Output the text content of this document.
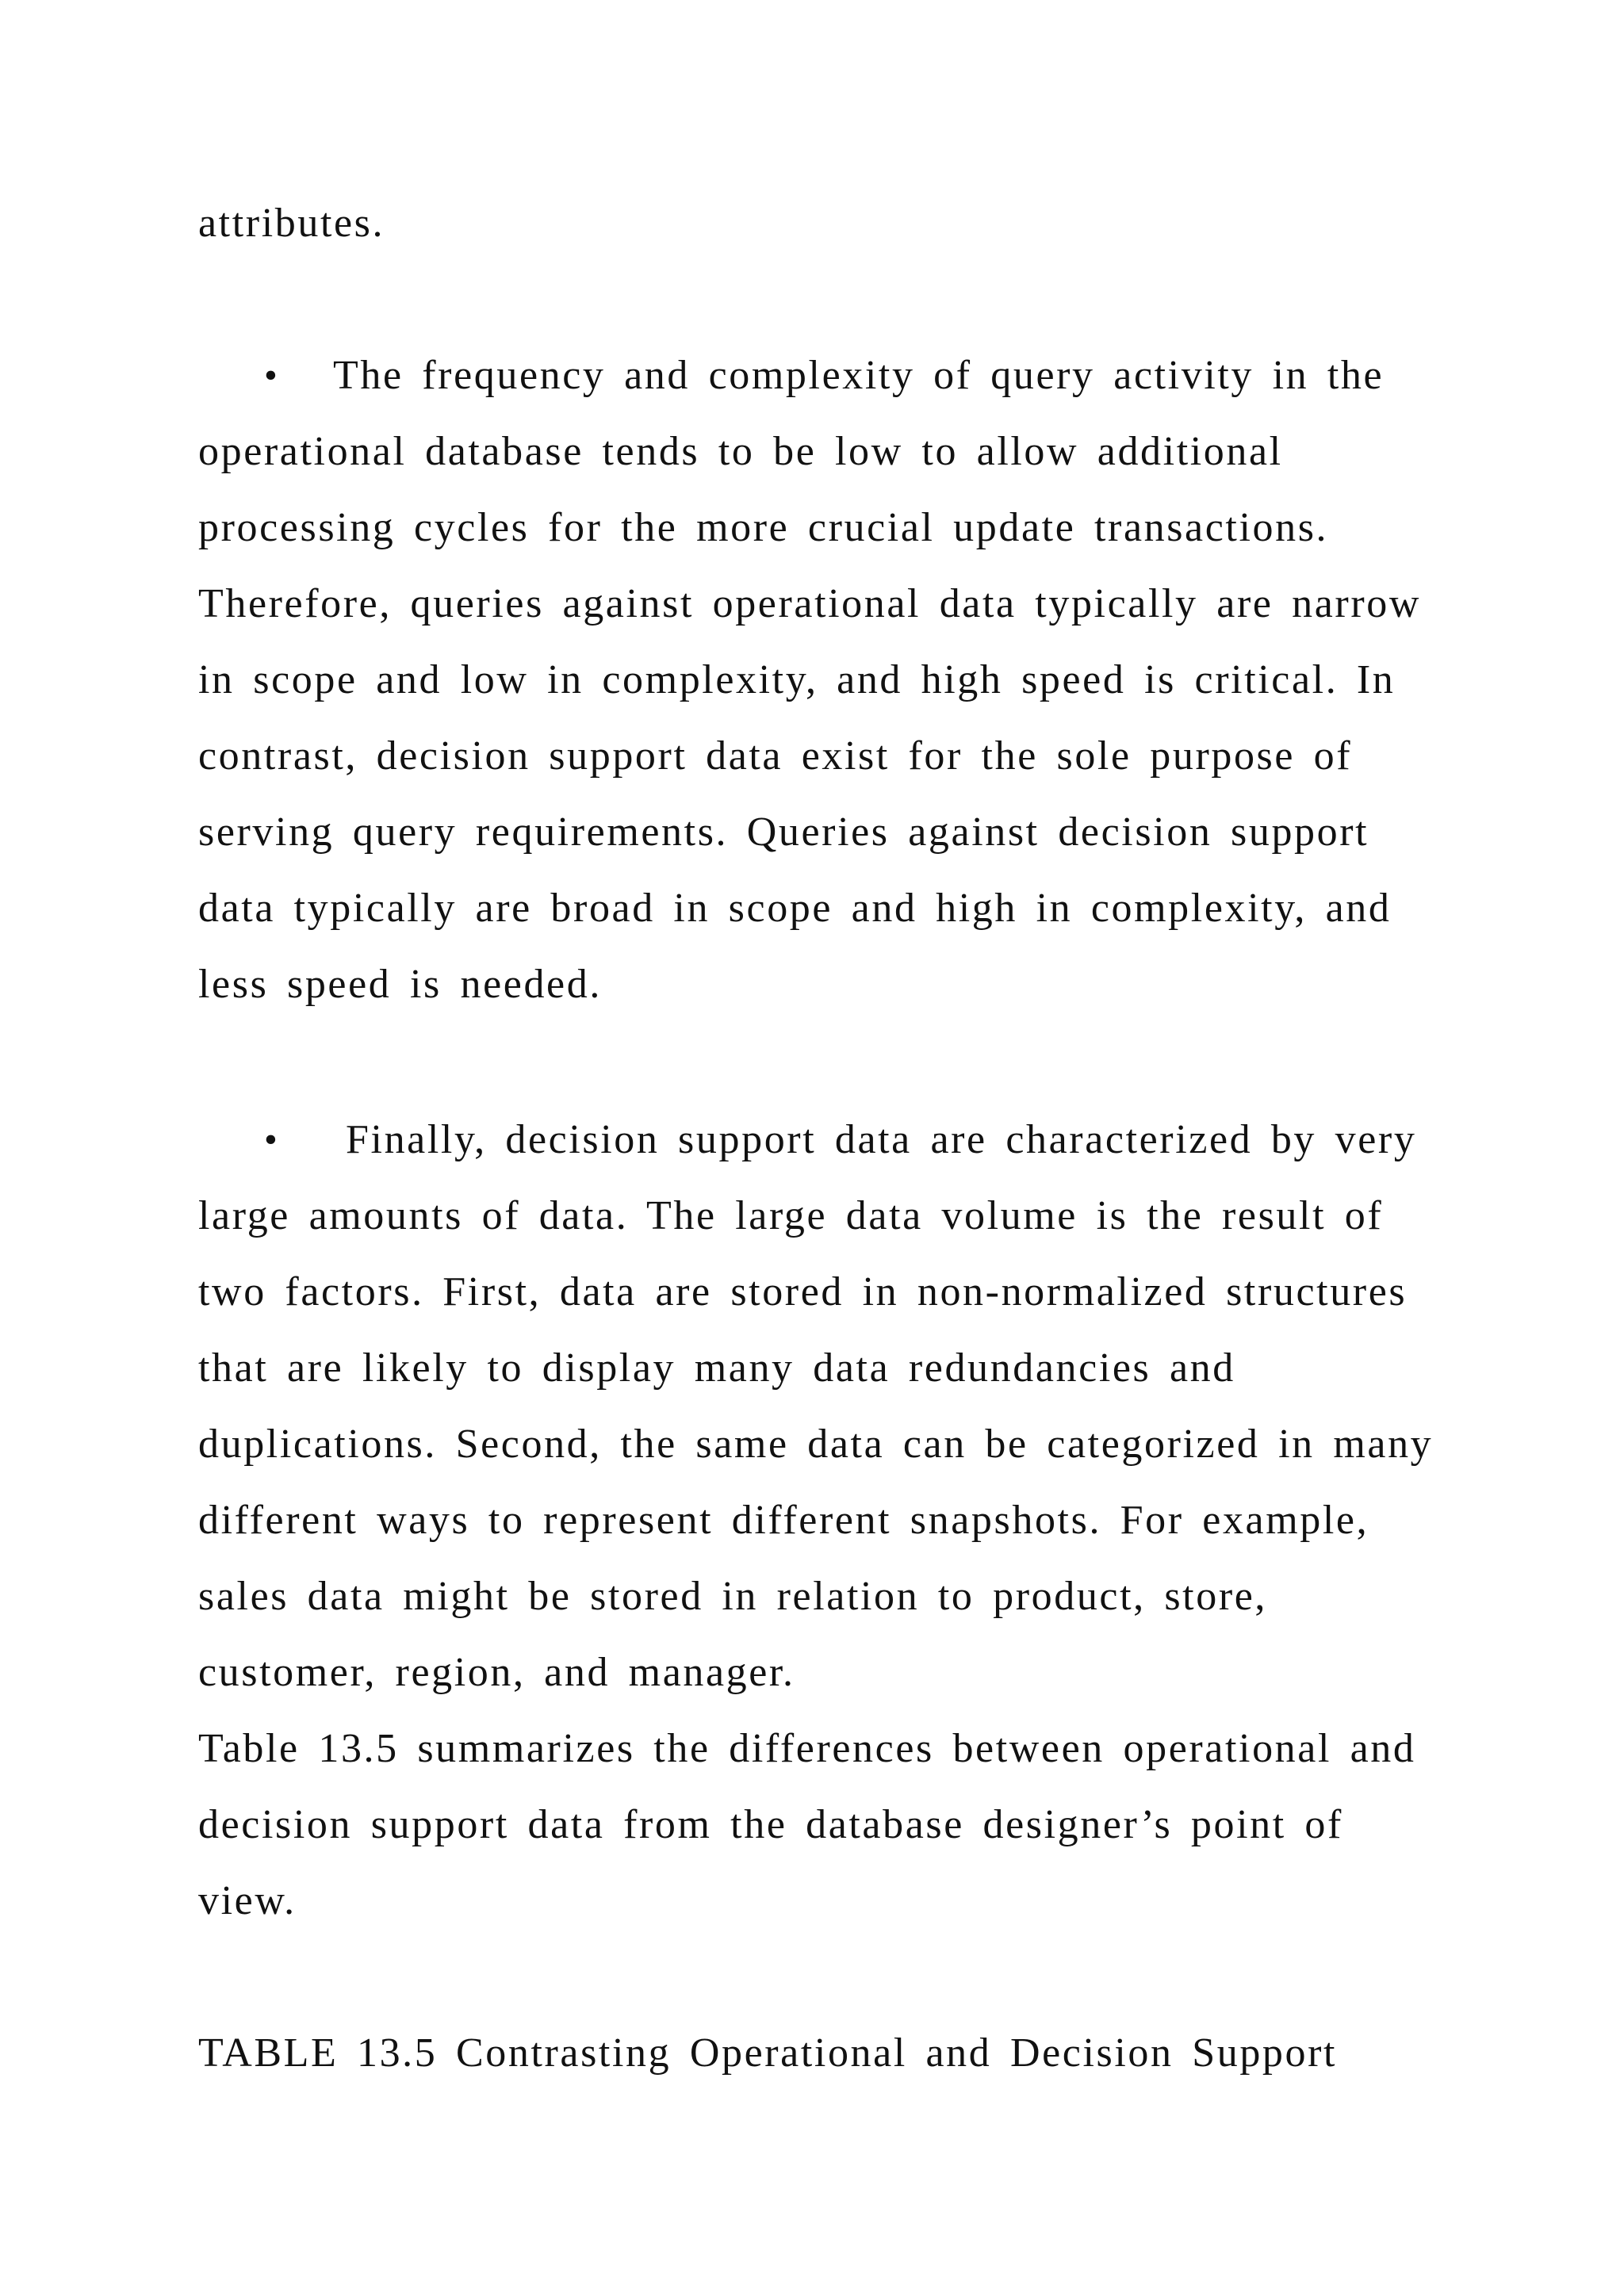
attributes.
• The frequency and complexity of query activity in the
operational database tends to be low to allow additional
processing cycles for the more crucial update transactions.
Therefore, queries against operational data typically are narrow
in scope and low in complexity, and high speed is critical. In
contrast, decision support data exist for the sole purpose of
serving query requirements. Queries against decision support
data typically are broad in scope and high in complexity, and
less speed is needed.
• Finally, decision support data are characterized by very
large amounts of data. The large data volume is the result of
two factors. First, data are stored in non-normalized structures
that are likely to display many data redundancies and
duplications. Second, the same data can be categorized in many
different ways to represent different snapshots. For example,
sales data might be stored in relation to product, store,
customer, region, and manager.
Table 13.5 summarizes the differences between operational and
decision support data from the database designer’s point of
view.
TABLE 13.5 Contrasting Operational and Decision Support
